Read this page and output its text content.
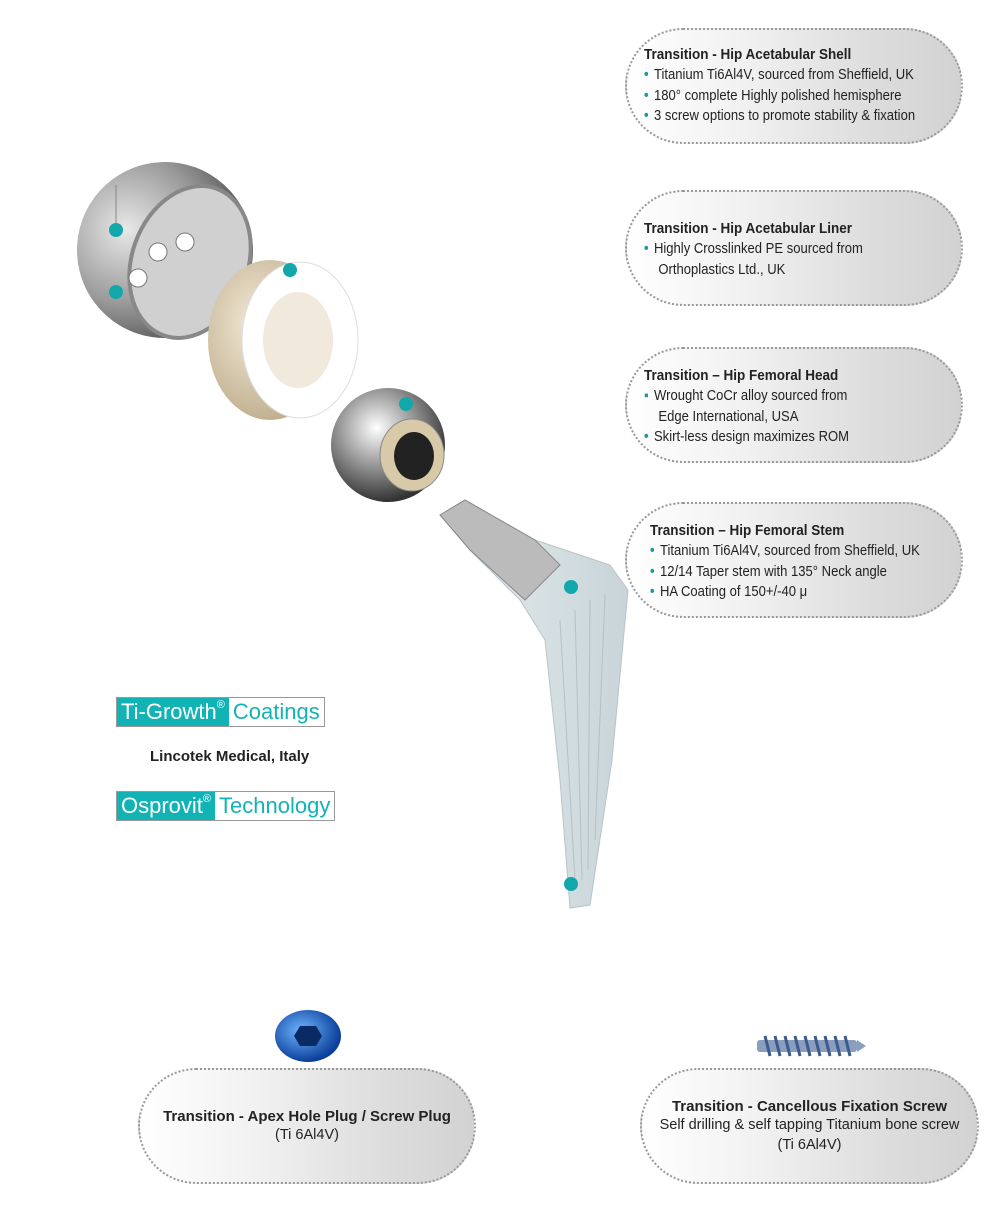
Transition - Hip Acetabular Shell
• Titanium Ti6Al4V, sourced from Sheffield, UK
• 180° complete Highly polished hemisphere
• 3 screw options to promote stability & fixation
Transition - Hip Acetabular Liner
• Highly Crosslinked PE sourced from
Orthoplastics Ltd., UK
Transition – Hip Femoral Head
▪ Wrought CoCr alloy sourced from
Edge International, USA
• Skirt-less design maximizes ROM
Transition – Hip Femoral Stem
• Titanium Ti6Al4V, sourced from Sheffield, UK
• 12/14 Taper stem with 135° Neck angle
• HA Coating of 150+/-40 μ
Transition - Apex Hole Plug / Screw Plug
(Ti 6Al4V)
Transition - Cancellous Fixation Screw
Self drilling & self tapping Titanium bone screw
(Ti 6Al4V)
Ti-Growth® Coatings
Lincotek Medical, Italy
Osprovit® Technology
